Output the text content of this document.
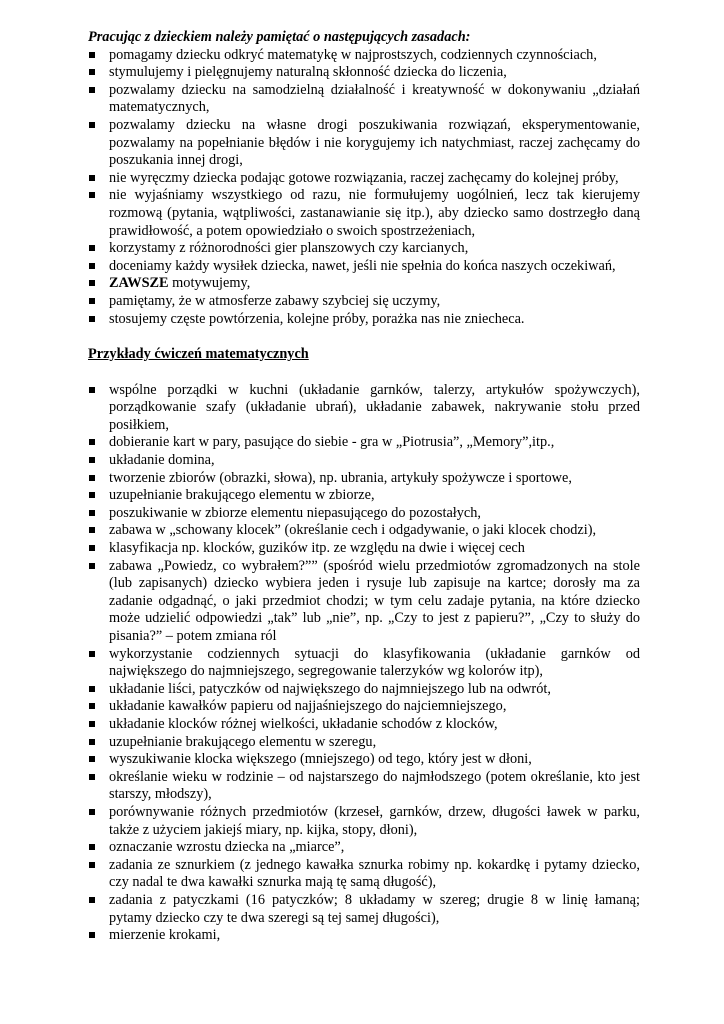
Pracując z dzieckiem należy pamiętać o następujących zasadach:

pomagamy dziecku odkryć matematykę w najprostszych, codziennych czynnościach,
stymulujemy i pielęgnujemy naturalną skłonność dziecka do liczenia,
pozwalamy dziecku na samodzielną działalność i kreatywność w dokonywaniu „działań matematycznych,
pozwalamy dziecku na własne drogi poszukiwania rozwiązań, eksperymentowanie, pozwalamy na popełnianie błędów i nie korygujemy ich natychmiast, raczej zachęcamy do poszukania innej drogi,
nie wyręczmy dziecka podając gotowe rozwiązania, raczej zachęcamy do kolejnej próby,
nie wyjaśniamy wszystkiego od razu, nie formułujemy uogólnień, lecz tak kierujemy rozmową (pytania, wątpliwości, zastanawianie się itp.), aby dziecko samo dostrzegło daną prawidłowość, a potem opowiedziało o swoich spostrzeżeniach,
korzystamy z różnorodności gier planszowych czy karcianych,
doceniamy każdy wysiłek dziecka, nawet, jeśli nie spełnia do końca naszych oczekiwań,
ZAWSZE motywujemy,
pamiętamy, że w atmosferze zabawy szybciej się uczymy,
stosujemy częste powtórzenia, kolejne próby, porażka nas nie zniecheca.

Przykłady ćwiczeń matematycznych

wspólne porządki w kuchni (układanie garnków, talerzy, artykułów spożywczych), porządkowanie szafy (układanie ubrań), układanie zabawek, nakrywanie stołu przed posiłkiem,
dobieranie kart w pary, pasujące do siebie - gra w „Piotrusia”, „Memory”,itp.,
układanie domina,
tworzenie zbiorów (obrazki, słowa), np. ubrania, artykuły spożywcze i sportowe,
uzupełnianie brakującego elementu w zbiorze,
poszukiwanie w zbiorze elementu niepasującego do pozostałych,
zabawa w „schowany klocek” (określanie cech i odgadywanie, o jaki klocek chodzi),
klasyfikacja np. klocków, guzików itp. ze względu na dwie i więcej cech
zabawa „Powiedz, co wybrałem?”” (spośród wielu przedmiotów zgromadzonych na stole (lub zapisanych) dziecko wybiera jeden i rysuje lub zapisuje na kartce; dorosły ma za zadanie odgadnąć, o jaki przedmiot chodzi; w tym celu zadaje pytania, na które dziecko może udzielić odpowiedzi „tak” lub „nie”, np. „Czy to jest z papieru?”, „Czy to służy do pisania?” – potem zmiana ról
wykorzystanie codziennych sytuacji do klasyfikowania (układanie garnków od największego do najmniejszego, segregowanie talerzyków wg kolorów itp),
układanie liści, patyczków od największego do najmniejszego lub na odwrót,
układanie kawałków papieru od najjaśniejszego do najciemniejszego,
układanie klocków różnej wielkości, układanie schodów z klocków,
uzupełnianie brakującego elementu w szeregu,
wyszukiwanie klocka większego (mniejszego) od tego, który jest w dłoni,
określanie wieku w rodzinie – od najstarszego do najmłodszego (potem określanie, kto jest starszy, młodszy),
porównywanie różnych przedmiotów (krzeseł, garnków, drzew, długości ławek w parku, także z użyciem jakiejś miary, np. kijka, stopy, dłoni),
oznaczanie wzrostu dziecka na „miarce”,
zadania ze sznurkiem (z jednego kawałka sznurka robimy np. kokardkę i pytamy dziecko, czy nadal te dwa kawałki sznurka mają tę samą długość),
zadania z patyczkami (16 patyczków; 8 układamy w szereg; drugie 8 w linię łamaną; pytamy dziecko czy te dwa szeregi są tej samej długości),
mierzenie krokami,
